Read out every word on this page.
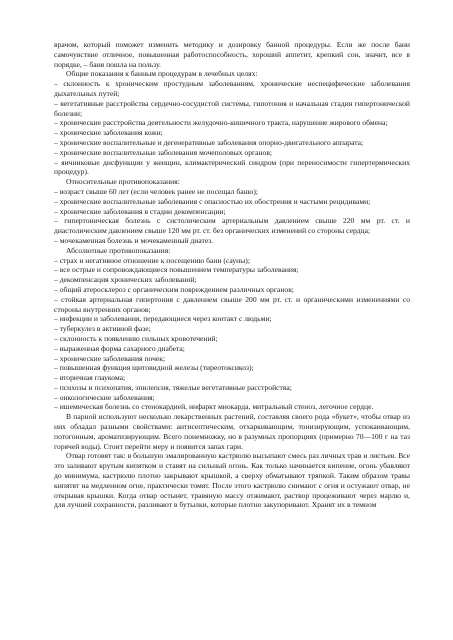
врачом, который поможет изменить методику и дозировку банной процедуры. Если же после бани самочувствие отличное, повышенная работоспособность, хороший аппетит, крепкий сон, значит, все в порядке, – баня пошла на пользу.

Общие показания к банным процедурам в лечебных целях:

– склонность к хроническим простудным заболеваниям, хронические неспецифические заболевания дыхательных путей;

– вегетативные расстройства сердечно-сосудистой системы, гипотония и начальная стадия гипертонической болезни;

– хронические расстройства деятельности желудочно-кишечного тракта, нарушение жирового обмена;

– хронические заболевания кожи;

– хронические воспалительные и дегенеративные заболевания опорно-двигательного аппарата;

– хронические воспалительные заболевания мочеполовых органов;

– яичниковые дисфункции у женщин, климактерический синдром (при переносимости гипертермических процедур).

Относительные противопоказания:

– возраст свыше 60 лет (если человек ранее не посещал баню);

– хронические воспалительные заболевания с опасностью их обострения и частыми рецидивами;

– хронические заболевания в стадии декомпенсации;

– гипертоническая болезнь с систолическим артериальным давлением свыше 220 мм рт. ст. и диастолическим давлением свыше 120 мм рт. ст. без органических изменений со стороны сердца;

– мочекаменная болезнь и мочекаменный диатез.

Абсолютные противопоказания:

– страх и негативное отношение к посещению бани (сауны);

– все острые и сопровождающиеся повышением температуры заболевания;

– декомпенсация хронических заболеваний;

– общий атеросклероз с органическим повреждением различных органов;

– стойкая артериальная гипертония с давлением свыше 200 мм рт. ст. и органическими изменениями со стороны внутренних органов;

– инфекции и заболевания, передающиеся через контакт с людьми;

– туберкулез в активной фазе;

– склонность к появлению сильных кровотечений;

– выраженная форма сахарного диабета;

– хронические заболевания почек;

– повышенная функция щитовидной железы (тиреотоксикоз);

– вторичная глаукома;

– психозы и психопатия, эпилепсия, тяжелые вегетативные расстройства;

– онкологические заболевания;

– ишемическая болезнь со стенокардией, инфаркт миокарда, митральный стеноз, легочное сердце.

В парной используют несколько лекарственных растений, составляя своего рода «букет», чтобы отвар из них обладал разными свойствами: антисептическим, отхаркивающим, тонизирующим, успокаивающим, потогонным, ароматизирующим. Всего понемножку, но в разумных пропорциях (примерно 70—100 г на таз горячей воды). Стоит перейти меру и появится запах гари.

Отвар готовят так: в большую эмалированную кастрюлю высыпают смесь раз личных трав и листьев. Все это заливают крутым кипятком и ставят на сильный огонь. Как только начинается кипение, огонь убавляют до минимума, кастрюлю плотно закрывают крышкой, а сверху обматывают тряпкой. Таким образом травы кипятят на медленном огне, практически томят. После этого кастрюлю снимают с огня и остужают отвар, не открывая крышки. Когда отвар остынет, травяную массу отжимают, раствор процеживают через марлю и, для лучшей сохранности, разливают в бутылки, которые плотно закупоривают. Хранят их в темном
